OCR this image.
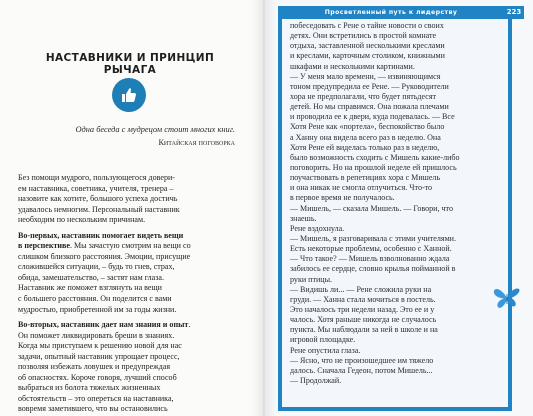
НАСТАВНИКИ И ПРИНЦИП РЫЧАГА
Одна беседа с мудрецом стоит многих книг.
Китайская поговорка
Без помощи мудрого, пользующегося довери-
ем наставника, советника, учителя, тренера –
назовите как хотите, большого успеха достичь
удавалось немногим. Персональный наставник
необходим по нескольким причинам.
Во-первых, наставник помогает видеть вещи
в перспективе. Мы зачастую смотрим на вещи со
слишком близкого расстояния. Эмоции, присущие
сложившейся ситуации, – будь то гнев, страх,
обида, замешательство, – застят нам глаза.
Наставник же поможет взглянуть на вещи
с большего расстояния. Он поделится с вами
мудростью, приобретенной им за годы жизни.
Во-вторых, наставник дает нам знания и опыт.
Он поможет ликвидировать бреши в знаниях.
Когда мы приступаем к решению новой для нас
задачи, опытный наставник упрощает процесс,
позволяя избежать ловушек и предупреждая
об опасностях. Короче говоря, лучший способ
выбраться из болота тяжелых жизненных
обстоятельств – это опереться на наставника,
вовремя заметившего, что вы остановились
Просветленный путь к лидерству	223
побеседовать с Рене о тайне новости о своих
детях. Они встретились в простой комнате
отдыха, заставленной несколькими креслами
и креслами, карточным столиком, книжными
шкафами и несколькими картинами.
— У меня мало времени, — извиняющимся
тоном предупредила ее Рене. — Руководители
хора не предполагали, что будет пятьдесят
детей. Но мы справимся. Она пожала плечами
и проводила ее к двери, куда подевалась. — Все
Хотя Рене как «портела», беспокойство было
а Ханну она видела всего раз в неделю. Она
Хотя Рене ей виделась только раз в неделю,
было возможность сходить с Мишель какие-либо
поговорить. Но на прошлой неделе ей пришлось
поучаствовать в репетициях хора с Мишель
и она никак не смогла отлучиться. Что-то
в первое время не получалось.
— Мишель, — сказала Мишель. — Говори, что
знаешь.
Рене вздохнула.
— Мишель, я разговаривала с этими учителями.
Есть некоторые проблемы, особенно с Ханной.
— Что такое? — Мишель взволнованно ждала
забилось ее сердце, словно крылья пойманной в
руки птицы.
— Видишь ли... — Рене сложила руки на
груди. — Ханна стала мочиться в постель.
Это началось три недели назад. Это ее и у
чалось. Хотя раньше никогда не случалось
пункта. Мы наблюдали за ней в школе и на
игровой площадке.
Рене опустила глаза.
— Ясно, что не произошедшее им тяжело
далось. Сначала Гедеон, потом Мишель...
— Продолжай.
